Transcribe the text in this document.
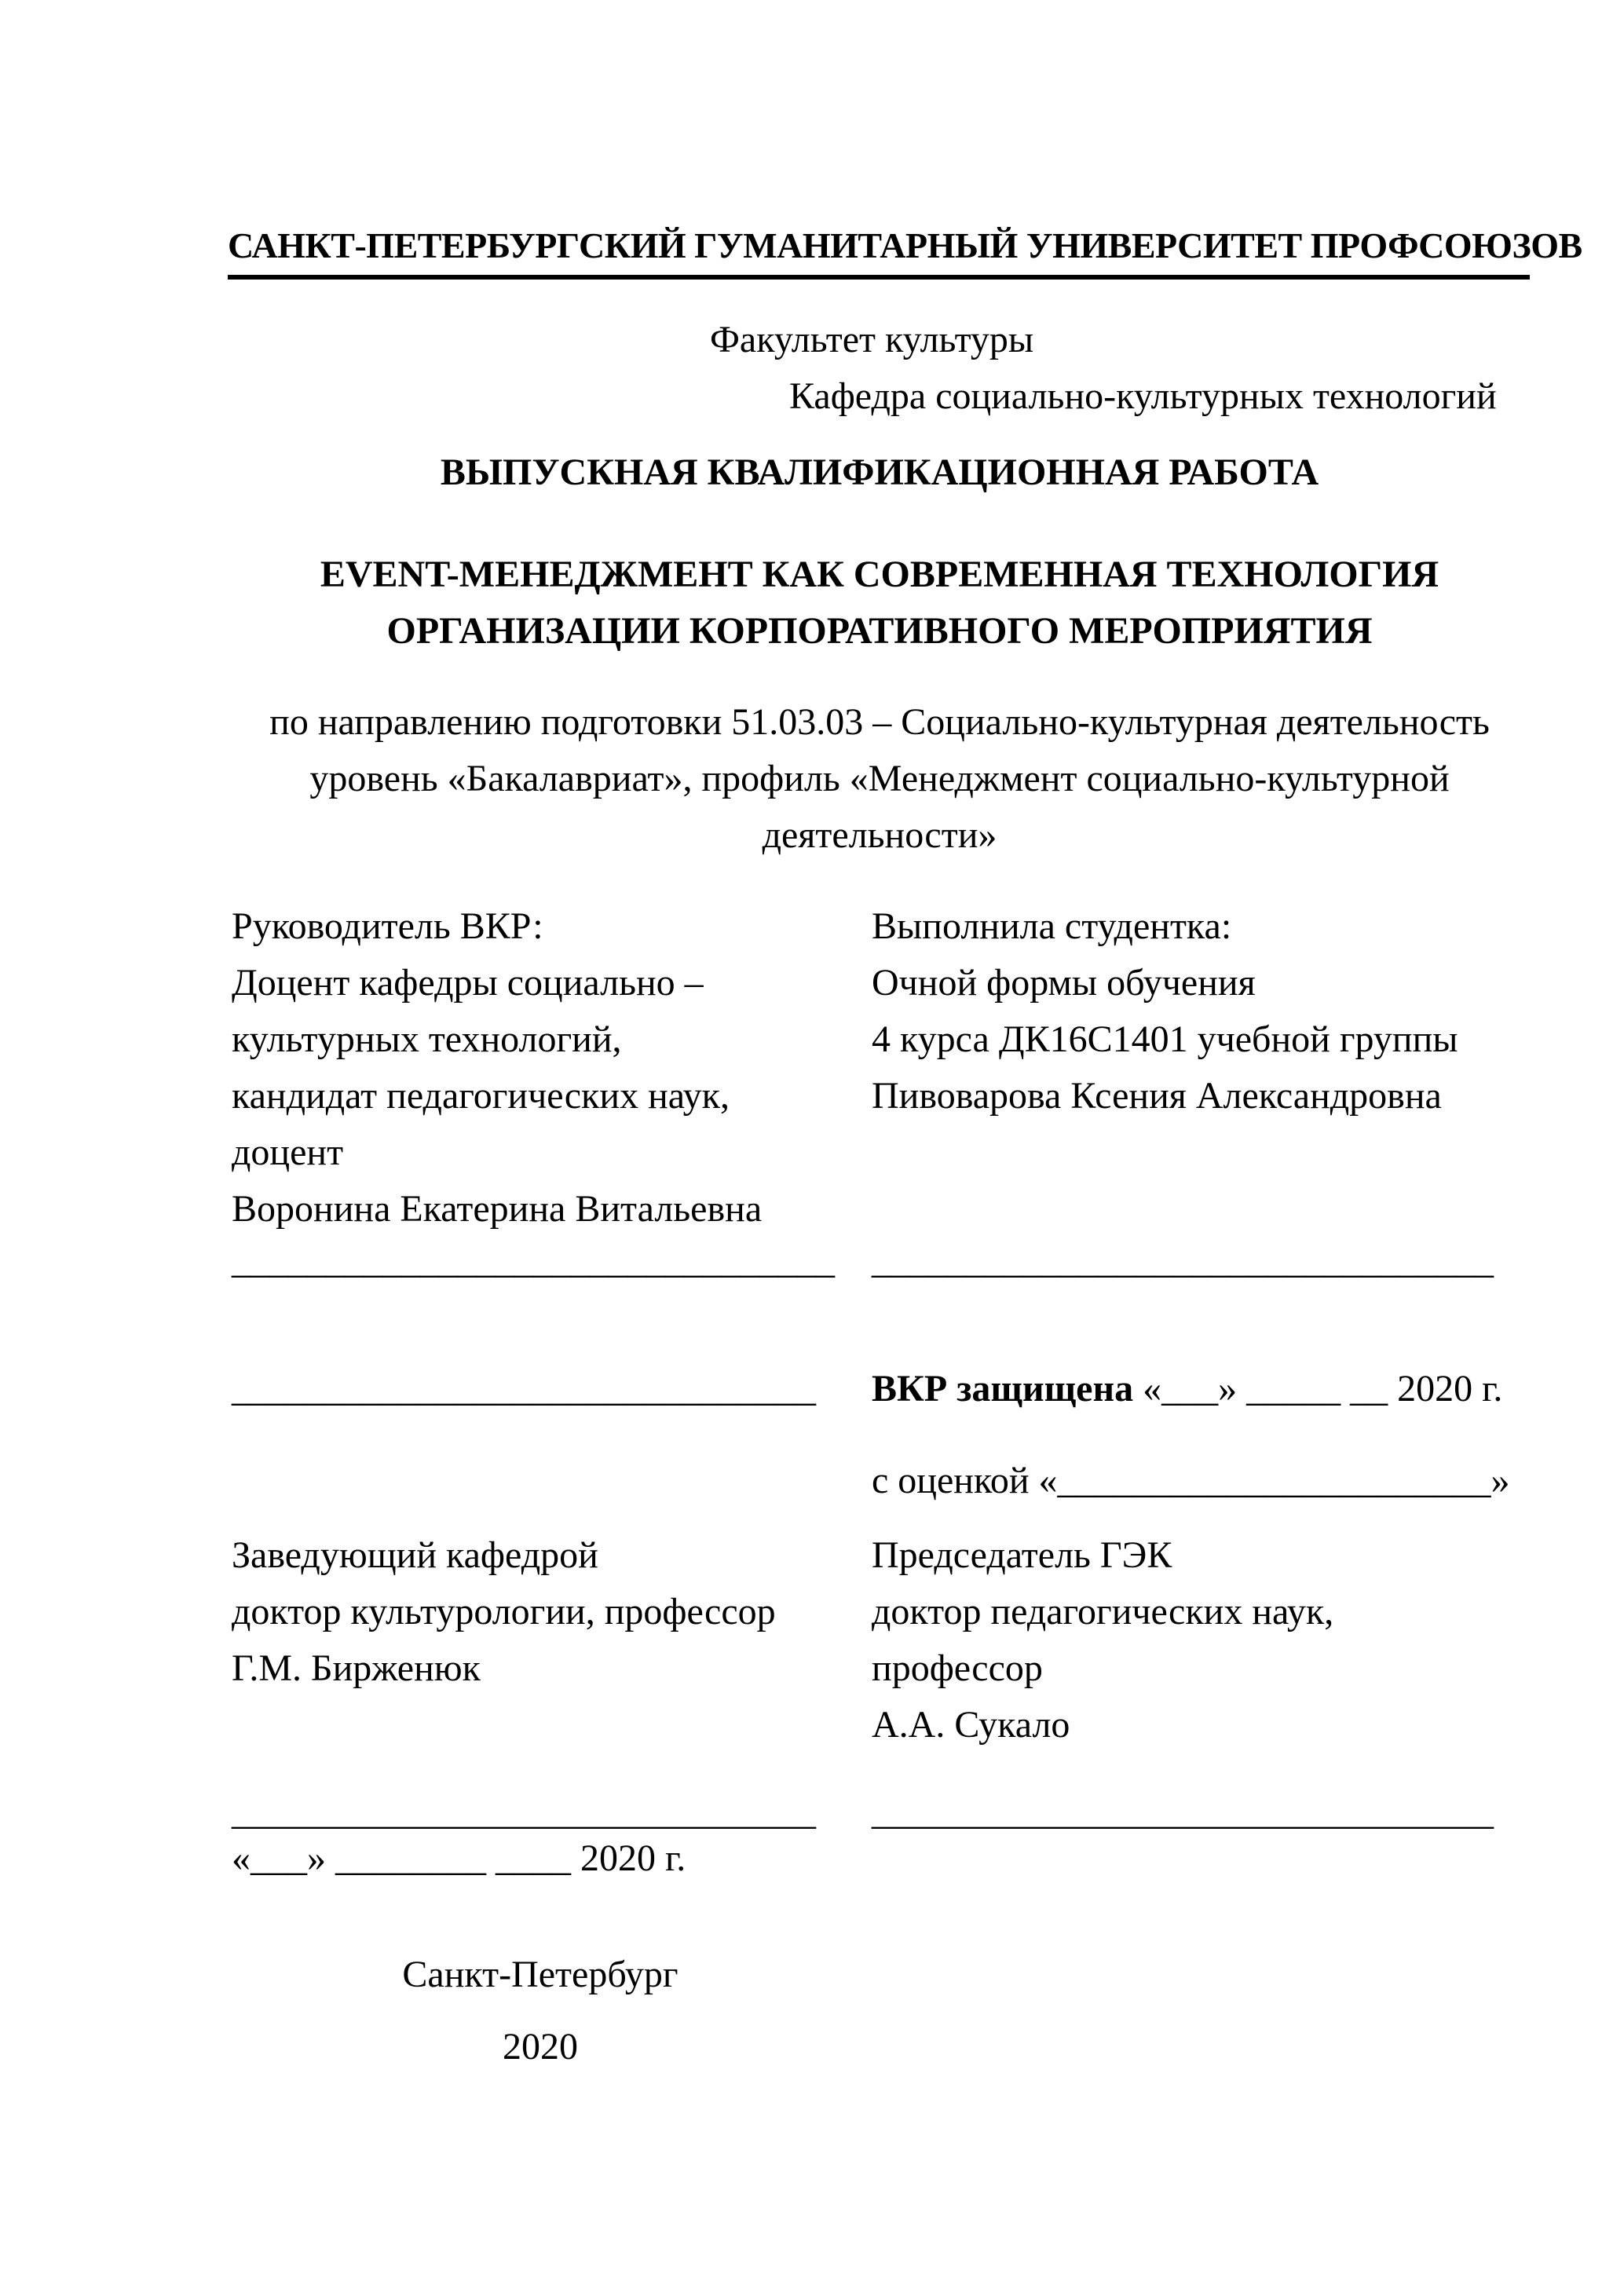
САНКТ-ПЕТЕРБУРГСКИЙ ГУМАНИТАРНЫЙ УНИВЕРСИТЕТ ПРОФСОЮЗОВ
Факультет культуры
Кафедра социально-культурных технологий
ВЫПУСКНАЯ КВАЛИФИКАЦИОННАЯ РАБОТА
EVENT-МЕНЕДЖМЕНТ КАК СОВРЕМЕННАЯ ТЕХНОЛОГИЯ
ОРГАНИЗАЦИИ КОРПОРАТИВНОГО МЕРОПРИЯТИЯ
по направлению подготовки 51.03.03 – Социально-культурная деятельность
уровень «Бакалавриат», профиль «Менеджмент социально-культурной
деятельности»
Руководитель ВКР:
Доцент кафедры социально –
культурных технологий,
кандидат педагогических наук,
доцент
Воронина Екатерина Витальевна
Выполнила студентка:
Очной формы обучения
4 курса ДК16С1401 учебной группы
Пивоварова Ксения Александровна
________________________________ _________________________________
_______________________________ ВКР защищена «___» _____ __ 2020 г.
с оценкой «_______________________»
Заведующий кафедрой
доктор культурологии, профессор
Г.М. Бирженюк
Председатель ГЭК
доктор педагогических наук,
профессор
А.А. Сукало
_______________________________ _________________________________
«___» ________ ____ 2020 г.
Санкт-Петербург
2020
